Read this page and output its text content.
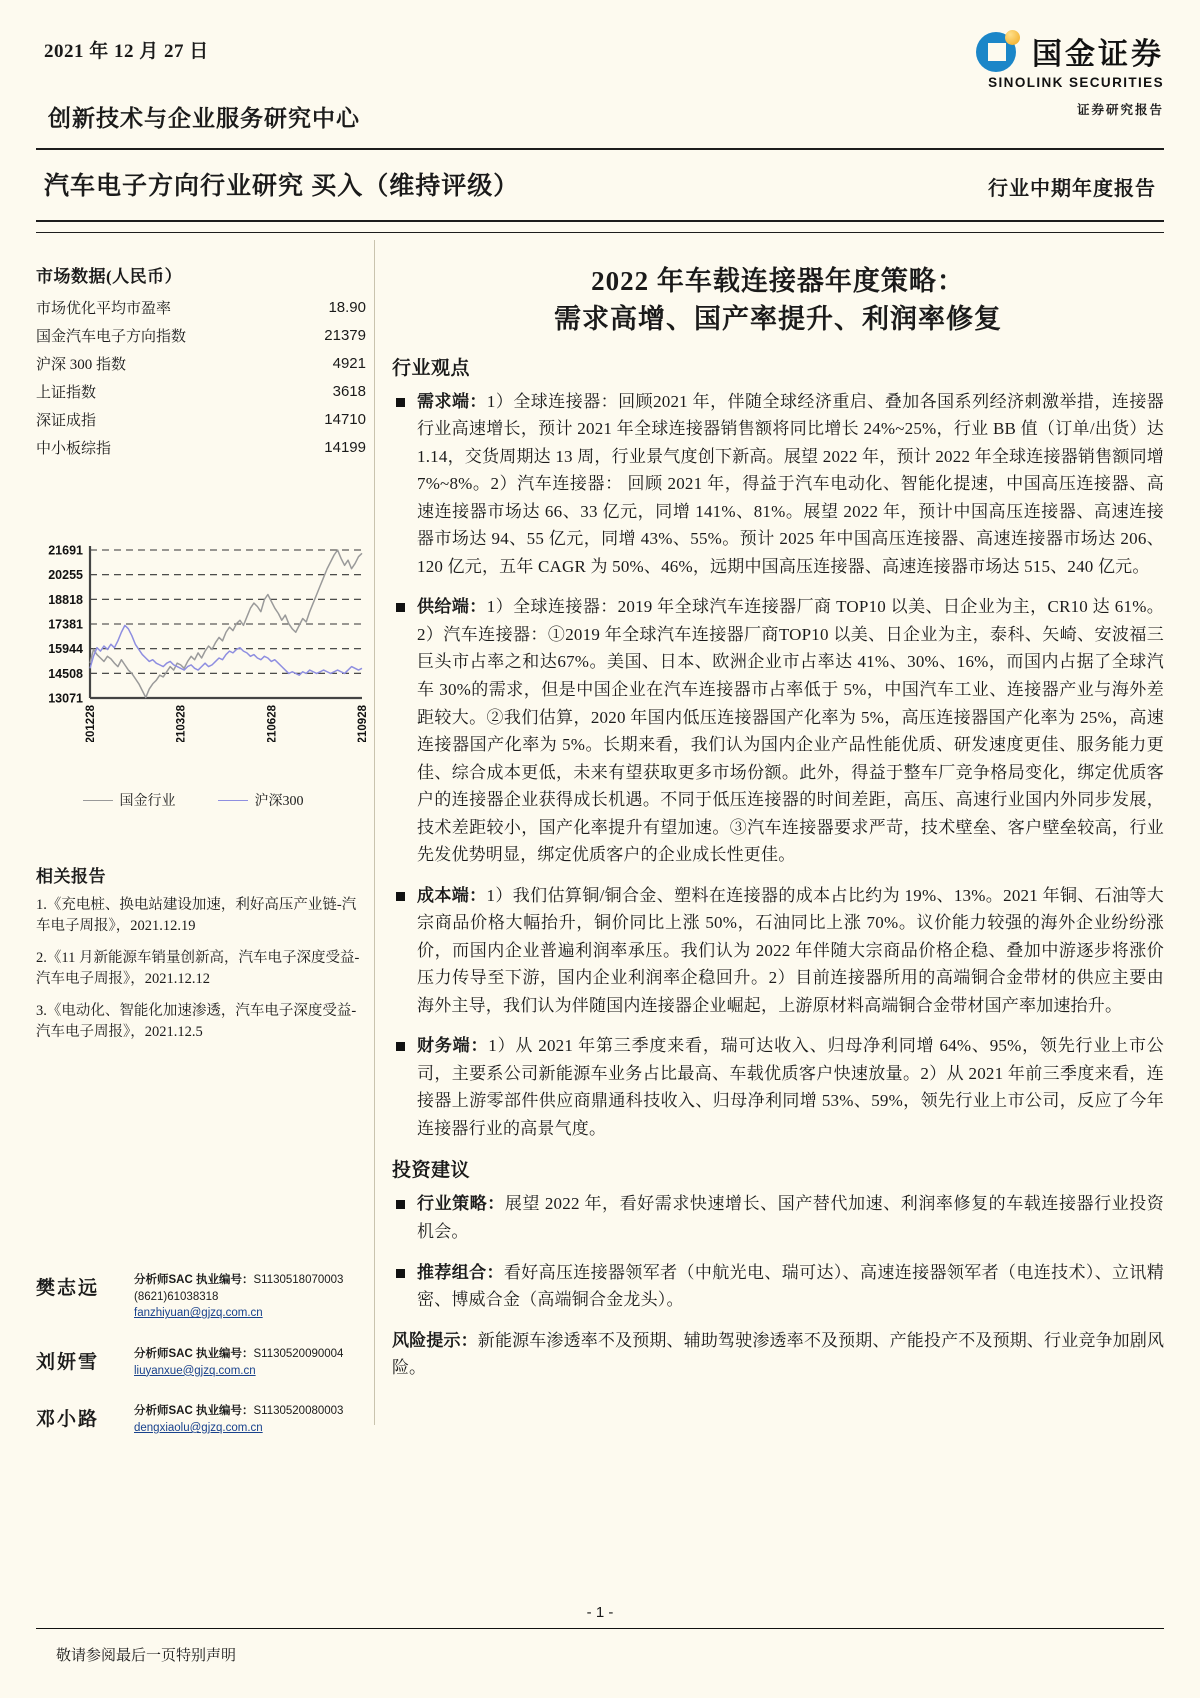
2021 年 12 月 27 日
创新技术与企业服务研究中心
国金证券
SINOLINK SECURITIES
证券研究报告
汽车电子方向行业研究 买入（维持评级）	行业中期年度报告
市场数据(人民币）
市场优化平均市盈率	18.90
国金汽车电子方向指数	21379
沪深 300 指数	4921
上证指数	3618
深证成指	14710
中小板综指	14199
21691
20255
18818
17381
15944
14508
13071
201228	210328	210628	210928
国金行业	沪深300
相关报告

1.《充电桩、换电站建设加速，利好高压产业链-汽车电子周报》，2021.12.19

2.《11 月新能源车销量创新高，汽车电子深度受益-汽车电子周报》，2021.12.12

3.《电动化、智能化加速渗透，汽车电子深度受益-汽车电子周报》，2021.12.5

樊志远	分析师SAC 执业编号：S1130518070003
(8621)61038318
fanzhiyuan@gjzq.com.cn
刘妍雪	分析师SAC 执业编号：S1130520090004
liuyanxue@gjzq.com.cn
邓小路	分析师SAC 执业编号：S1130520080003
dengxiaolu@gjzq.com.cn
2022 年车载连接器年度策略：
需求高增、国产率提升、利润率修复
行业观点
需求端：1）全球连接器：回顾2021 年，伴随全球经济重启、叠加各国系列经济刺激举措，连接器行业高速增长，预计 2021 年全球连接器销售额将同比增长 24%~25%，行业 BB 值（订单/出货）达 1.14，交货周期达 13 周，行业景气度创下新高。展望 2022 年，预计 2022 年全球连接器销售额同增 7%~8%。2）汽车连接器： 回顾 2021 年，得益于汽车电动化、智能化提速，中国高压连接器、高速连接器市场达 66、33 亿元，同增 141%、81%。展望 2022 年，预计中国高压连接器、高速连接器市场达 94、55 亿元，同增 43%、55%。预计 2025 年中国高压连接器、高速连接器市场达 206、120 亿元，五年 CAGR 为 50%、46%，远期中国高压连接器、高速连接器市场达 515、240 亿元。
供给端：1）全球连接器：2019 年全球汽车连接器厂商 TOP10 以美、日企业为主，CR10 达 61%。2）汽车连接器：①2019 年全球汽车连接器厂商TOP10 以美、日企业为主，泰科、矢崎、安波福三巨头市占率之和达67%。美国、日本、欧洲企业市占率达 41%、30%、16%，而国内占据了全球汽车 30%的需求，但是中国企业在汽车连接器市占率低于 5%，中国汽车工业、连接器产业与海外差距较大。②我们估算，2020 年国内低压连接器国产化率为 5%，高压连接器国产化率为 25%，高速连接器国产化率为 5%。长期来看，我们认为国内企业产品性能优质、研发速度更佳、服务能力更佳、综合成本更低，未来有望获取更多市场份额。此外，得益于整车厂竞争格局变化，绑定优质客户的连接器企业获得成长机遇。不同于低压连接器的时间差距，高压、高速行业国内外同步发展，技术差距较小，国产化率提升有望加速。③汽车连接器要求严苛，技术壁垒、客户壁垒较高，行业先发优势明显，绑定优质客户的企业成长性更佳。
成本端：1）我们估算铜/铜合金、塑料在连接器的成本占比约为 19%、13%。2021 年铜、石油等大宗商品价格大幅抬升，铜价同比上涨 50%，石油同比上涨 70%。议价能力较强的海外企业纷纷涨价，而国内企业普遍利润率承压。我们认为 2022 年伴随大宗商品价格企稳、叠加中游逐步将涨价压力传导至下游，国内企业利润率企稳回升。2）目前连接器所用的高端铜合金带材的供应主要由海外主导，我们认为伴随国内连接器企业崛起，上游原材料高端铜合金带材国产率加速抬升。
财务端：1）从 2021 年第三季度来看，瑞可达收入、归母净利同增 64%、95%，领先行业上市公司，主要系公司新能源车业务占比最高、车载优质客户快速放量。2）从 2021 年前三季度来看，连接器上游零部件供应商鼎通科技收入、归母净利同增 53%、59%，领先行业上市公司，反应了今年连接器行业的高景气度。
投资建议
行业策略：展望 2022 年，看好需求快速增长、国产替代加速、利润率修复的车载连接器行业投资机会。
推荐组合：看好高压连接器领军者（中航光电、瑞可达）、高速连接器领军者（电连技术）、立讯精密、博威合金（高端铜合金龙头）。
风险提示：新能源车渗透率不及预期、辅助驾驶渗透率不及预期、产能投产不及预期、行业竞争加剧风险。
- 1 -
敬请参阅最后一页特别声明
